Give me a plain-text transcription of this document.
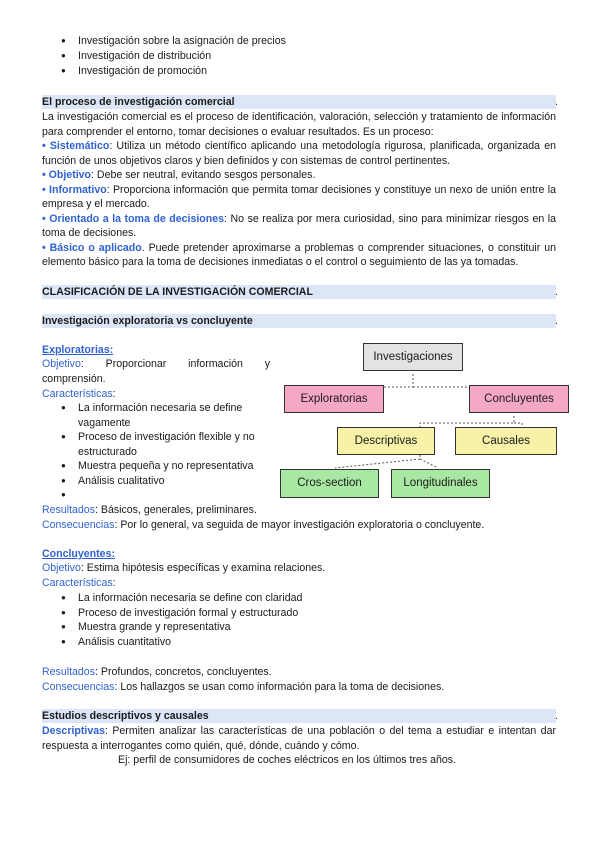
● Investigación sobre la asignación de precios
● Investigación de distribución
● Investigación de promoción
El proceso de investigación comercial	.
La investigación comercial es el proceso de identificación, valoración, selección y tratamiento de información para comprender el entorno, tomar decisiones o evaluar resultados. Es un proceso:
• Sistemático: Utiliza un método científico aplicando una metodología rigurosa, planificada, organizada en función de unos objetivos claros y bien definidos y con sistemas de control pertinentes.
• Objetivo: Debe ser neutral, evitando sesgos personales.
• Informativo: Proporciona información que permita tomar decisiones y constituye un nexo de unión entre la empresa y el mercado.
• Orientado a la toma de decisiones: No se realiza por mera curiosidad, sino para minimizar riesgos en la toma de decisiones.
• Básico o aplicado. Puede pretender aproximarse a problemas o comprender situaciones, o constituir un elemento básico para la toma de decisiones inmediatas o el control o seguimiento de las ya tomadas.
CLASIFICACIÓN DE LA INVESTIGACIÓN COMERCIAL	.
Investigación exploratoria vs concluyente	.
Exploratorias:
Objetivo: Proporcionar información y comprensión.
Características:
● La información necesaria se define vagamente
● Proceso de investigación flexible y no estructurado
● Muestra pequeña y no representativa
● Análisis cualitativo
●
Resultados: Básicos, generales, preliminares.
Consecuencias: Por lo general, va seguida de mayor investigación exploratoria o concluyente.
Investigaciones
Exploratorias	Concluyentes
Descriptivas	Causales
Cros-section	Longitudinales
Concluyentes:
Objetivo: Estima hipótesis específicas y examina relaciones.
Características:
● La información necesaria se define con claridad
● Proceso de investigación formal y estructurado
● Muestra grande y representativa
● Análisis cuantitativo
Resultados: Profundos, concretos, concluyentes.
Consecuencias: Los hallazgos se usan como información para la toma de decisiones.
Estudios descriptivos y causales	.
Descriptivas: Permiten analizar las características de una población o del tema a estudiar e intentan dar respuesta a interrogantes como quién, qué, dónde, cuándo y cómo.
Ej: perfil de consumidores de coches eléctricos en los últimos tres años.
